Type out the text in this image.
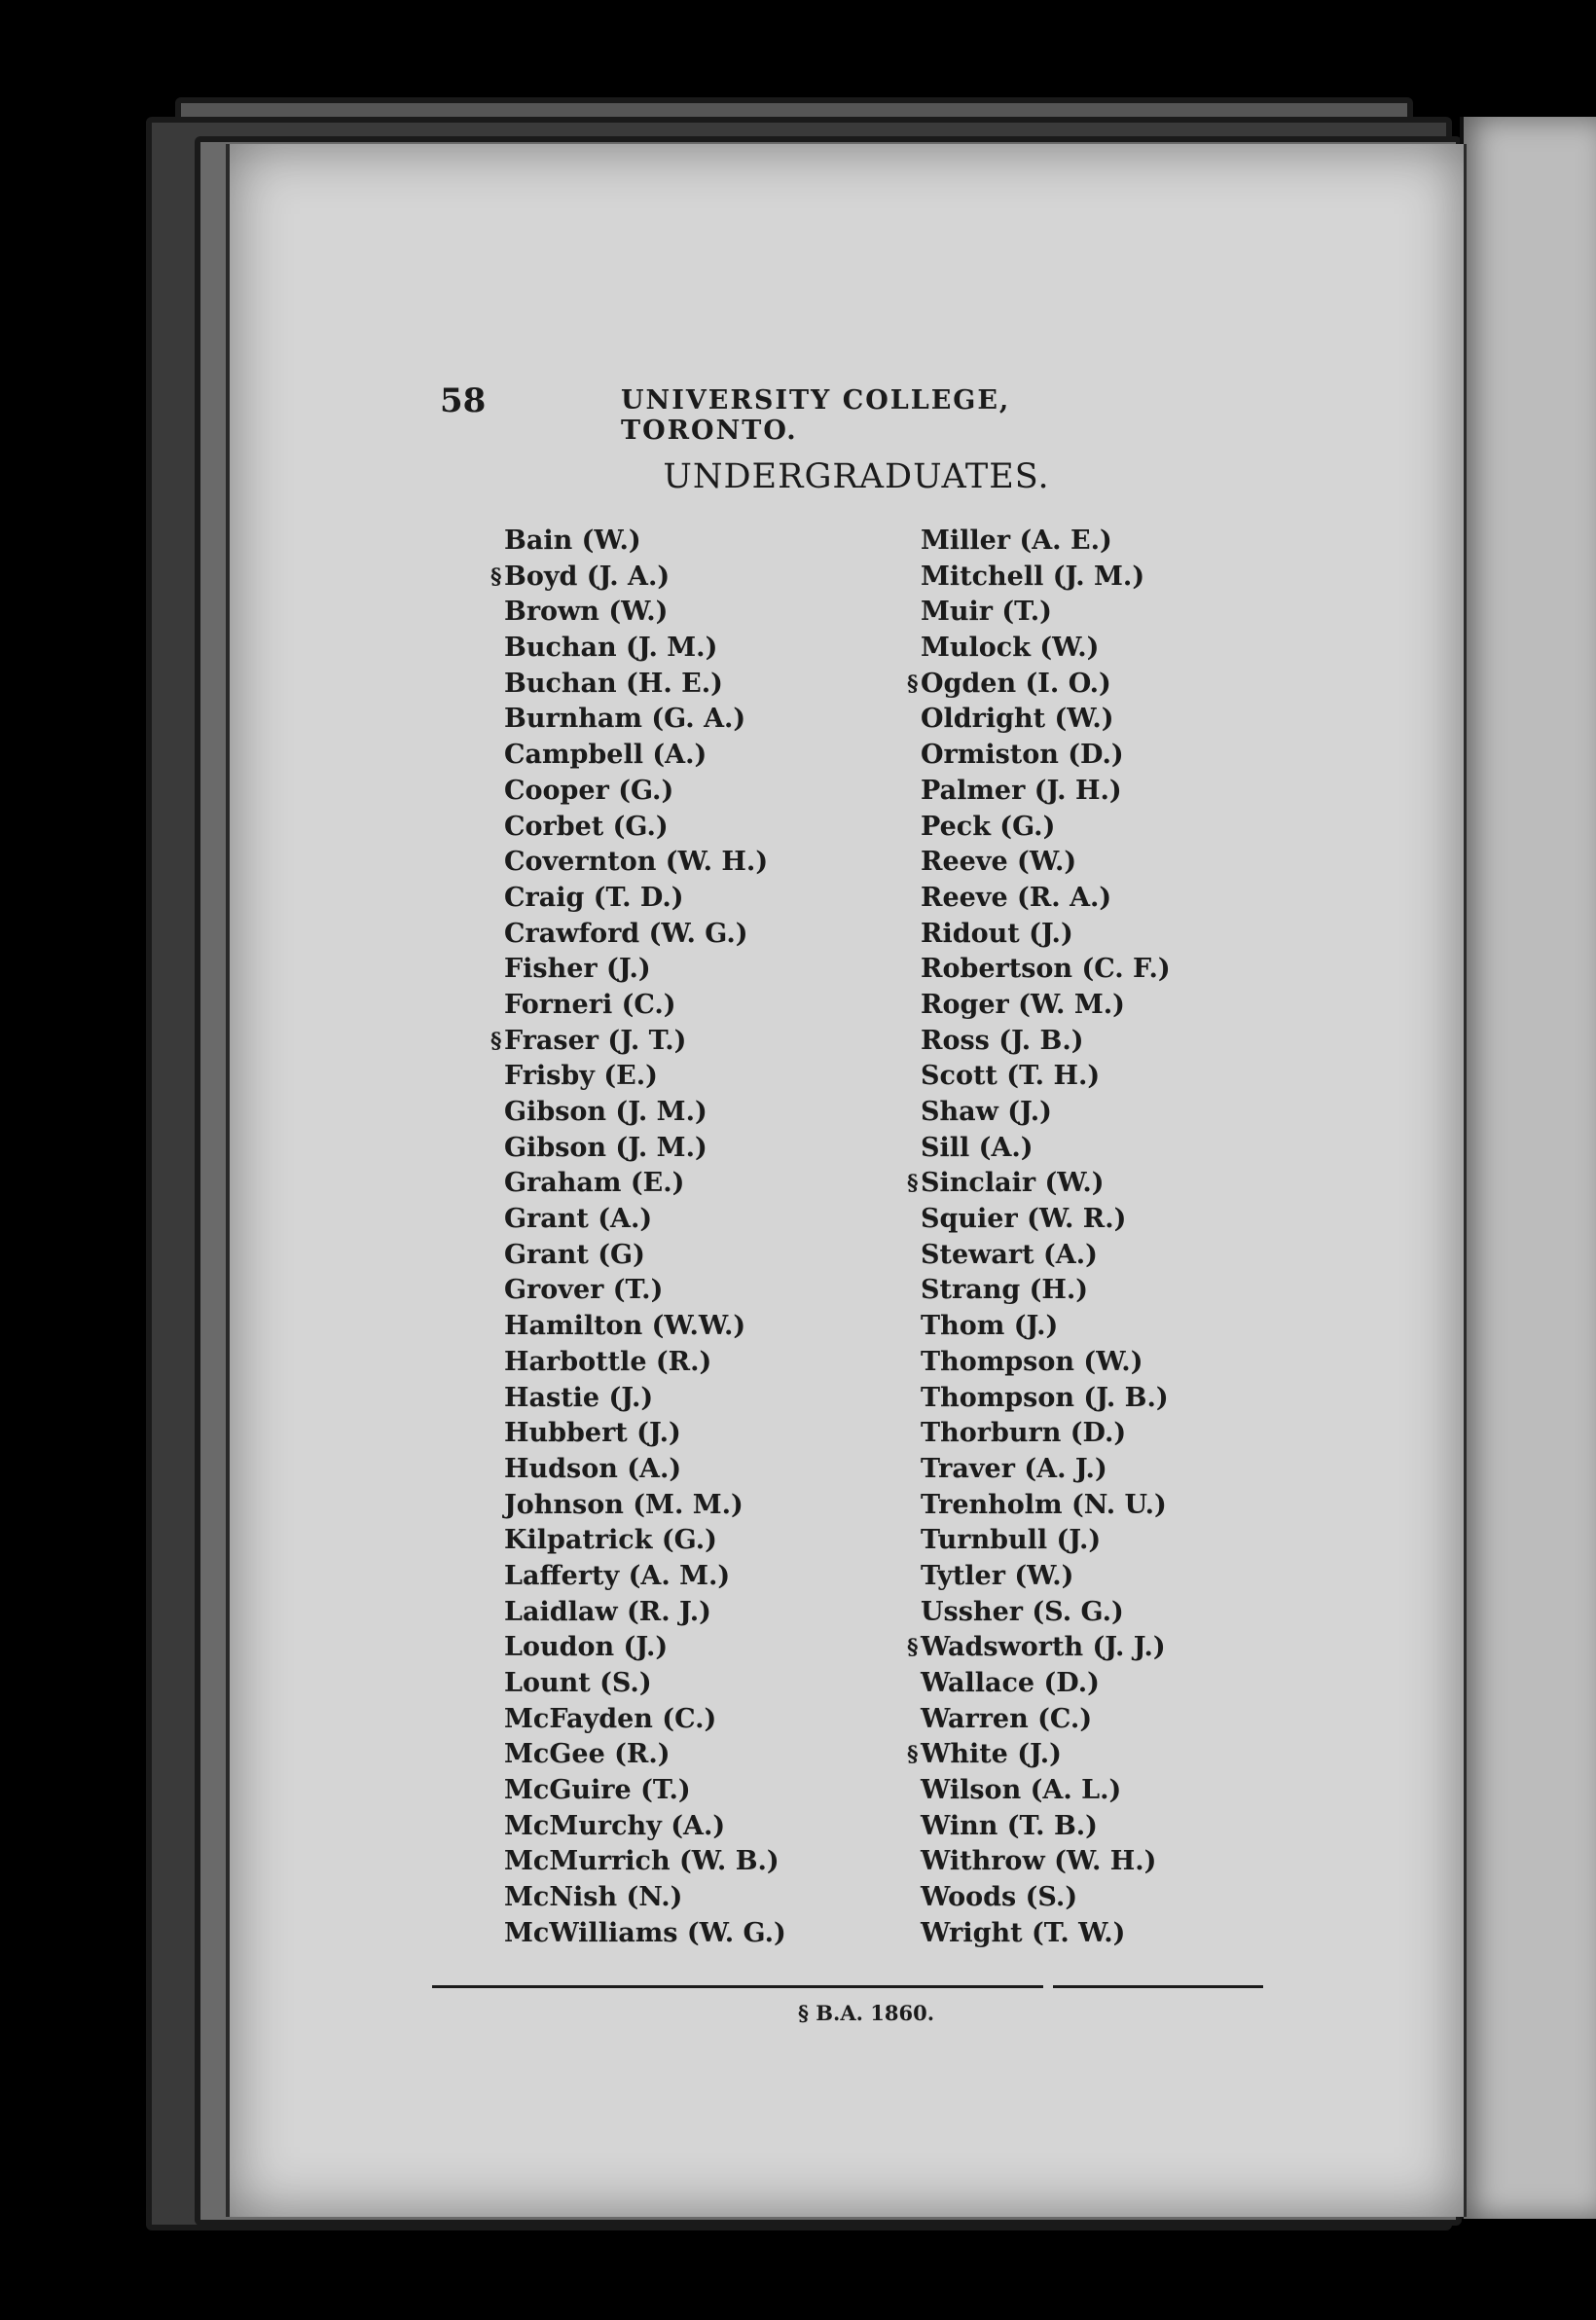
58	UNIVERSITY COLLEGE, TORONTO.
UNDERGRADUATES.
Bain (W.)
§ Boyd (J. A.)
Brown (W.)
Buchan (J. M.)
Buchan (H. E.)
Burnham (G. A.)
Campbell (A.)
Cooper (G.)
Corbet (G.)
Covernton (W. H.)
Craig (T. D.)
Crawford (W. G.)
Fisher (J.)
Forneri (C.)
§ Fraser (J. T.)
Frisby (E.)
Gibson (J. M.)
Gibson (J. M.)
Graham (E.)
Grant (A.)
Grant (G)
Grover (T.)
Hamilton (W.W.)
Harbottle (R.)
Hastie (J.)
Hubbert (J.)
Hudson (A.)
Johnson (M. M.)
Kilpatrick (G.)
Lafferty (A. M.)
Laidlaw (R. J.)
Loudon (J.)
Lount (S.)
McFayden (C.)
McGee (R.)
McGuire (T.)
McMurchy (A.)
McMurrich (W. B.)
McNish (N.)
McWilliams (W. G.)
Miller (A. E.)
Mitchell (J. M.)
Muir (T.)
Mulock (W.)
§ Ogden (I. O.)
Oldright (W.)
Ormiston (D.)
Palmer (J. H.)
Peck (G.)
Reeve (W.)
Reeve (R. A.)
Ridout (J.)
Robertson (C. F.)
Roger (W. M.)
Ross (J. B.)
Scott (T. H.)
Shaw (J.)
Sill (A.)
§ Sinclair (W.)
Squier (W. R.)
Stewart (A.)
Strang (H.)
Thom (J.)
Thompson (W.)
Thompson (J. B.)
Thorburn (D.)
Traver (A. J.)
Trenholm (N. U.)
Turnbull (J.)
Tytler (W.)
Ussher (S. G.)
§ Wadsworth (J. J.)
Wallace (D.)
Warren (C.)
§ White (J.)
Wilson (A. L.)
Winn (T. B.)
Withrow (W. H.)
Woods (S.)
Wright (T. W.)
§ B.A. 1860.
